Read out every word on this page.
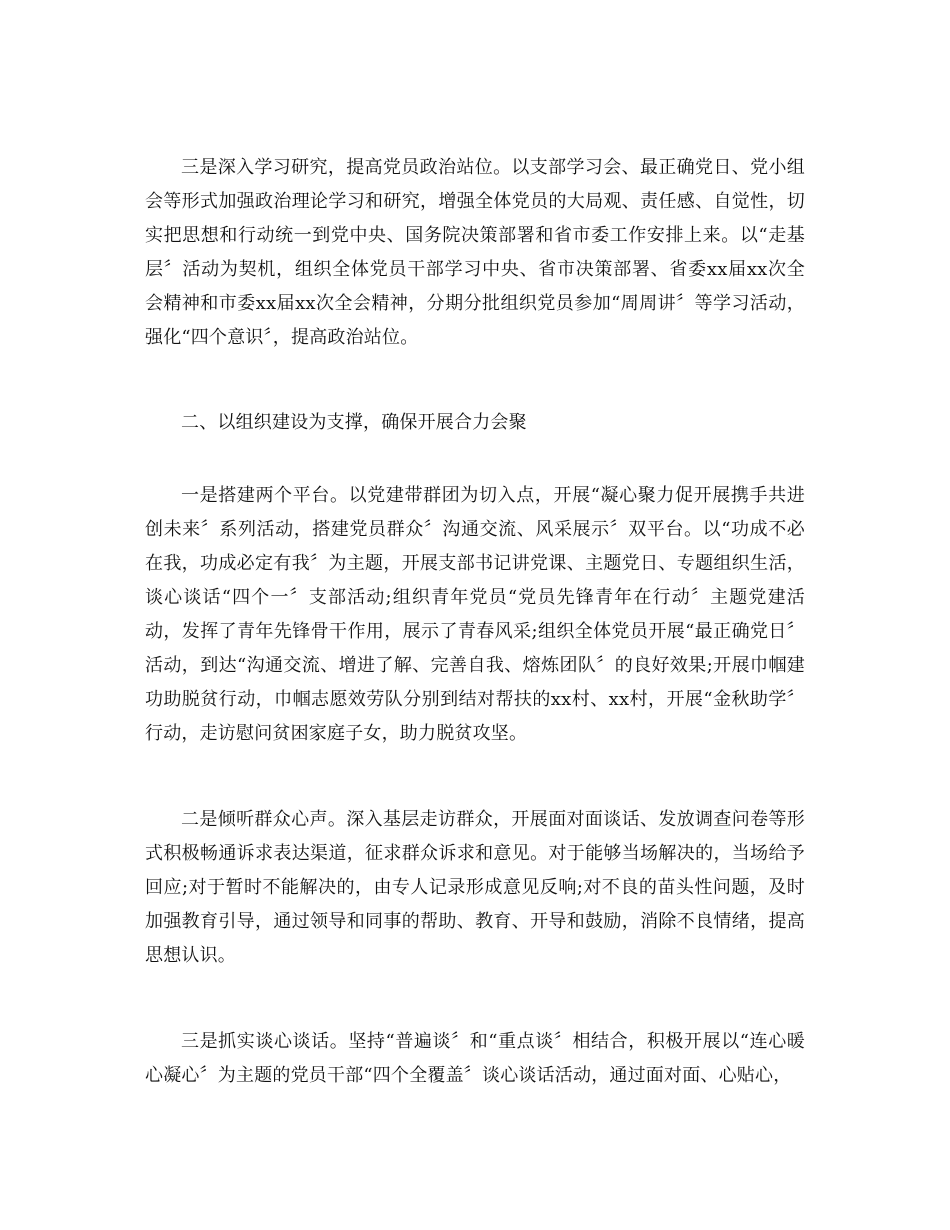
三是深入学习研究，提高党员政治站位。以支部学习会、最正确党日、党小组会等形式加强政治理论学习和研究，增强全体党员的大局观、责任感、自觉性，切实把思想和行动统一到党中央、国务院决策部署和省市委工作安排上来。以“走基层〞活动为契机，组织全体党员干部学习中央、省市决策部署、省委xx届xx次全会精神和市委xx届xx次全会精神，分期分批组织党员参加“周周讲〞等学习活动，强化“四个意识〞，提高政治站位。

二、以组织建设为支撑，确保开展合力会聚

一是搭建两个平台。以党建带群团为切入点，开展“凝心聚力促开展携手共进创未来〞系列活动，搭建党员群众〞沟通交流、风采展示〞双平台。以“功成不必在我，功成必定有我〞为主题，开展支部书记讲党课、主题党日、专题组织生活，谈心谈话“四个一〞支部活动;组织青年党员“党员先锋青年在行动〞主题党建活动，发挥了青年先锋骨干作用，展示了青春风采;组织全体党员开展“最正确党日〞活动，到达“沟通交流、增进了解、完善自我、熔炼团队〞的良好效果;开展巾帼建功助脱贫行动，巾帼志愿效劳队分别到结对帮扶的xx村、xx村，开展“金秋助学〞行动，走访慰问贫困家庭子女，助力脱贫攻坚。

二是倾听群众心声。深入基层走访群众，开展面对面谈话、发放调查问卷等形式积极畅通诉求表达渠道，征求群众诉求和意见。对于能够当场解决的，当场给予回应;对于暂时不能解决的，由专人记录形成意见反响;对不良的苗头性问题，及时加强教育引导，通过领导和同事的帮助、教育、开导和鼓励，消除不良情绪，提高思想认识。

三是抓实谈心谈话。坚持“普遍谈〞和“重点谈〞相结合，积极开展以“连心暖心凝心〞为主题的党员干部“四个全覆盖〞谈心谈话活动，通过面对面、心贴心，
